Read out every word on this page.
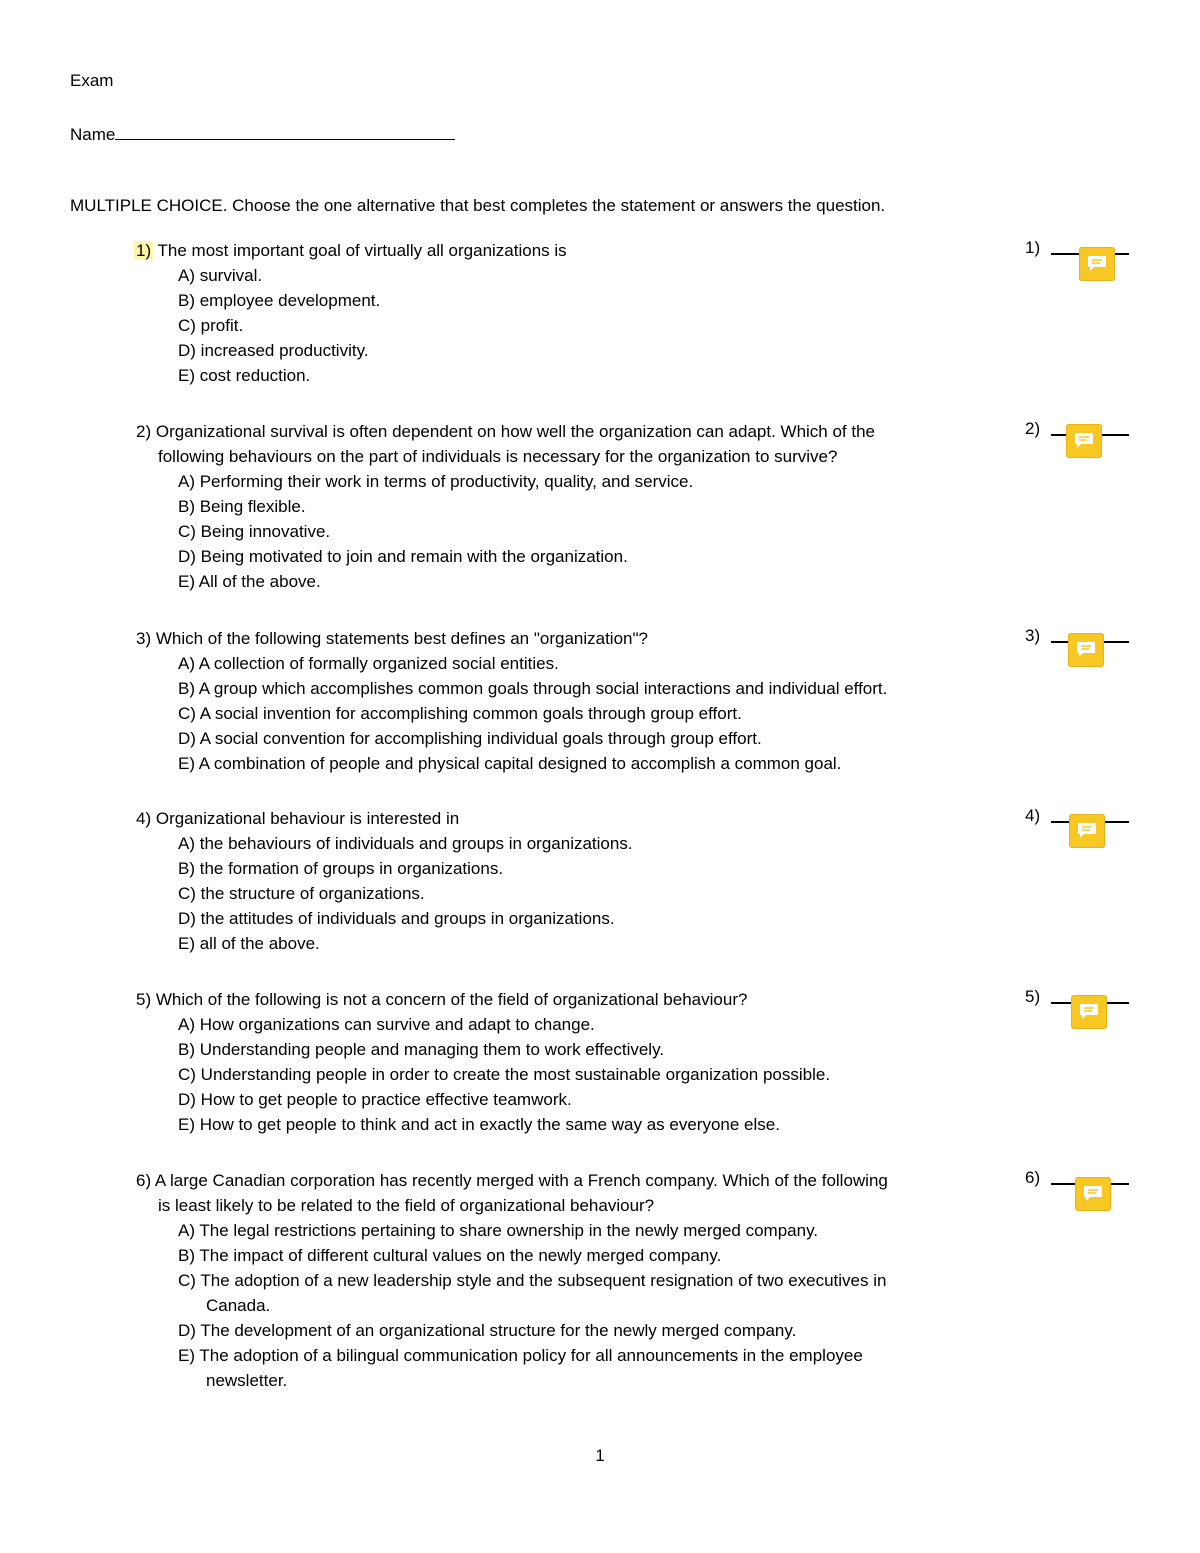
Exam
Name
MULTIPLE CHOICE. Choose the one alternative that best completes the statement or answers the question.
1) The most important goal of virtually all organizations is
A) survival.
B) employee development.
C) profit.
D) increased productivity.
E) cost reduction.
1)
2) Organizational survival is often dependent on how well the organization can adapt. Which of the
following behaviours on the part of individuals is necessary for the organization to survive?
A) Performing their work in terms of productivity, quality, and service.
B) Being flexible.
C) Being innovative.
D) Being motivated to join and remain with the organization.
E) All of the above.
2)
3) Which of the following statements best defines an "organization"?
A) A collection of formally organized social entities.
B) A group which accomplishes common goals through social interactions and individual effort.
C) A social invention for accomplishing common goals through group effort.
D) A social convention for accomplishing individual goals through group effort.
E) A combination of people and physical capital designed to accomplish a common goal.
3)
4) Organizational behaviour is interested in
A) the behaviours of individuals and groups in organizations.
B) the formation of groups in organizations.
C) the structure of organizations.
D) the attitudes of individuals and groups in organizations.
E) all of the above.
4)
5) Which of the following is not a concern of the field of organizational behaviour?
A) How organizations can survive and adapt to change.
B) Understanding people and managing them to work effectively.
C) Understanding people in order to create the most sustainable organization possible.
D) How to get people to practice effective teamwork.
E) How to get people to think and act in exactly the same way as everyone else.
5)
6) A large Canadian corporation has recently merged with a French company. Which of the following
is least likely to be related to the field of organizational behaviour?
A) The legal restrictions pertaining to share ownership in the newly merged company.
B) The impact of different cultural values on the newly merged company.
C) The adoption of a new leadership style and the subsequent resignation of two executives in
Canada.
D) The development of an organizational structure for the newly merged company.
E) The adoption of a bilingual communication policy for all announcements in the employee
newsletter.
6)
1
